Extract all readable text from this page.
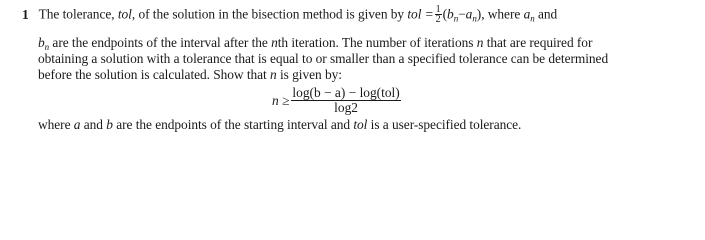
1 The tolerance, tol, of the solution in the bisection method is given by tol = $\frac{1}{2} (b_n-a_n)$, where $a_n$ and
$b_n$ are the endpoints of the interval after the nth iteration. The number of iterations n that are required for
obtaining a solution with a tolerance that is equal to or smaller than a specified tolerance can be determined
before the solution is calculated. Show that n is given by:
n ≥ log(b − a) − log(tol)
log2
where a and b are the endpoints of the starting interval and tol is a user-specified tolerance.
